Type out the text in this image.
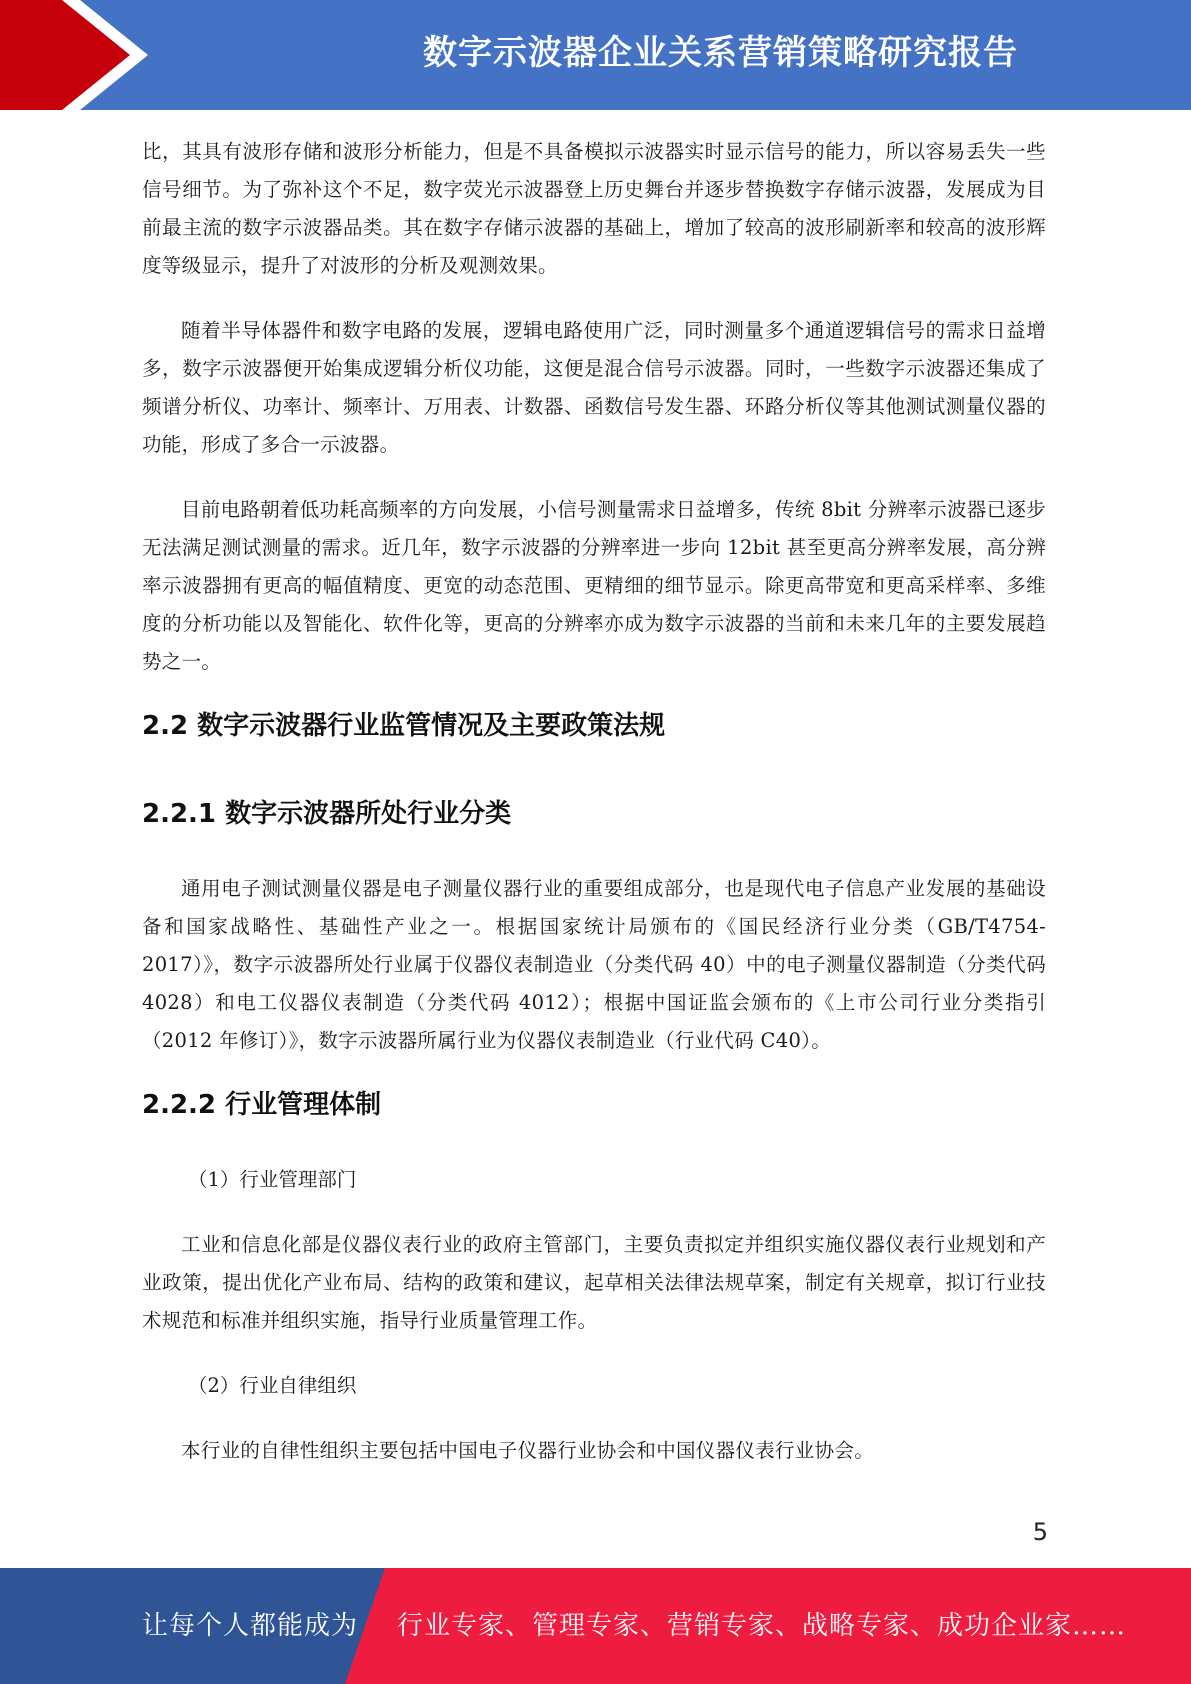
数字示波器企业关系营销策略研究报告

比，其具有波形存储和波形分析能力，但是不具备模拟示波器实时显示信号的能力，所以容易丢失一些信号细节。为了弥补这个不足，数字荧光示波器登上历史舞台并逐步替换数字存储示波器，发展成为目前最主流的数字示波器品类。其在数字存储示波器的基础上，增加了较高的波形刷新率和较高的波形辉度等级显示，提升了对波形的分析及观测效果。

随着半导体器件和数字电路的发展，逻辑电路使用广泛，同时测量多个通道逻辑信号的需求日益增多，数字示波器便开始集成逻辑分析仪功能，这便是混合信号示波器。同时，一些数字示波器还集成了频谱分析仪、功率计、频率计、万用表、计数器、函数信号发生器、环路分析仪等其他测试测量仪器的功能，形成了多合一示波器。

目前电路朝着低功耗高频率的方向发展，小信号测量需求日益增多，传统 8bit 分辨率示波器已逐步无法满足测试测量的需求。近几年，数字示波器的分辨率进一步向 12bit 甚至更高分辨率发展，高分辨率示波器拥有更高的幅值精度、更宽的动态范围、更精细的细节显示。除更高带宽和更高采样率、多维度的分析功能以及智能化、软件化等，更高的分辨率亦成为数字示波器的当前和未来几年的主要发展趋势之一。

2.2 数字示波器行业监管情况及主要政策法规
2.2.1 数字示波器所处行业分类

通用电子测试测量仪器是电子测量仪器行业的重要组成部分，也是现代电子信息产业发展的基础设备和国家战略性、基础性产业之一。根据国家统计局颁布的《国民经济行业分类（GB/T4754-2017）》，数字示波器所处行业属于仪器仪表制造业（分类代码 40）中的电子测量仪器制造（分类代码 4028）和电工仪器仪表制造（分类代码 4012）；根据中国证监会颁布的《上市公司行业分类指引（2012 年修订）》，数字示波器所属行业为仪器仪表制造业（行业代码 C40）。

2.2.2 行业管理体制
（1）行业管理部门

工业和信息化部是仪器仪表行业的政府主管部门，主要负责拟定并组织实施仪器仪表行业规划和产业政策，提出优化产业布局、结构的政策和建议，起草相关法律法规草案，制定有关规章，拟订行业技术规范和标准并组织实施，指导行业质量管理工作。

（2）行业自律组织

本行业的自律性组织主要包括中国电子仪器行业协会和中国仪器仪表行业协会。

5
让每个人都能成为 行业专家、管理专家、营销专家、战略专家、成功企业家……
